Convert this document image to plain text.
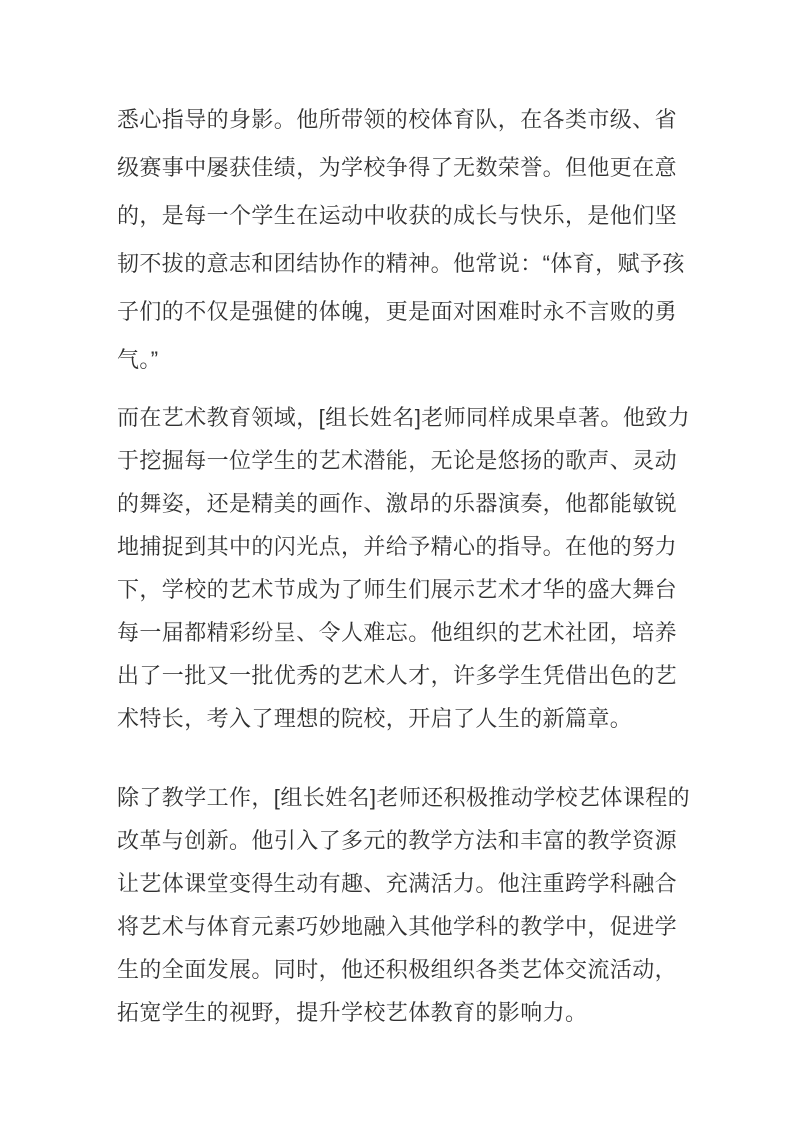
悉心指导的身影。他所带领的校体育队，在各类市级、省
级赛事中屡获佳绩，为学校争得了无数荣誉。但他更在意
的，是每一个学生在运动中收获的成长与快乐，是他们坚
韧不拔的意志和团结协作的精神。他常说：“体育，赋予孩
子们的不仅是强健的体魄，更是面对困难时永不言败的勇
气。”
而在艺术教育领域，[组长姓名]老师同样成果卓著。他致力
于挖掘每一位学生的艺术潜能，无论是悠扬的歌声、灵动
的舞姿，还是精美的画作、激昂的乐器演奏，他都能敏锐
地捕捉到其中的闪光点，并给予精心的指导。在他的努力
下，学校的艺术节成为了师生们展示艺术才华的盛大舞台
每一届都精彩纷呈、令人难忘。他组织的艺术社团，培养
出了一批又一批优秀的艺术人才，许多学生凭借出色的艺
术特长，考入了理想的院校，开启了人生的新篇章。
除了教学工作，[组长姓名]老师还积极推动学校艺体课程的
改革与创新。他引入了多元的教学方法和丰富的教学资源
让艺体课堂变得生动有趣、充满活力。他注重跨学科融合
将艺术与体育元素巧妙地融入其他学科的教学中，促进学
生的全面发展。同时，他还积极组织各类艺体交流活动，
拓宽学生的视野，提升学校艺体教育的影响力。
